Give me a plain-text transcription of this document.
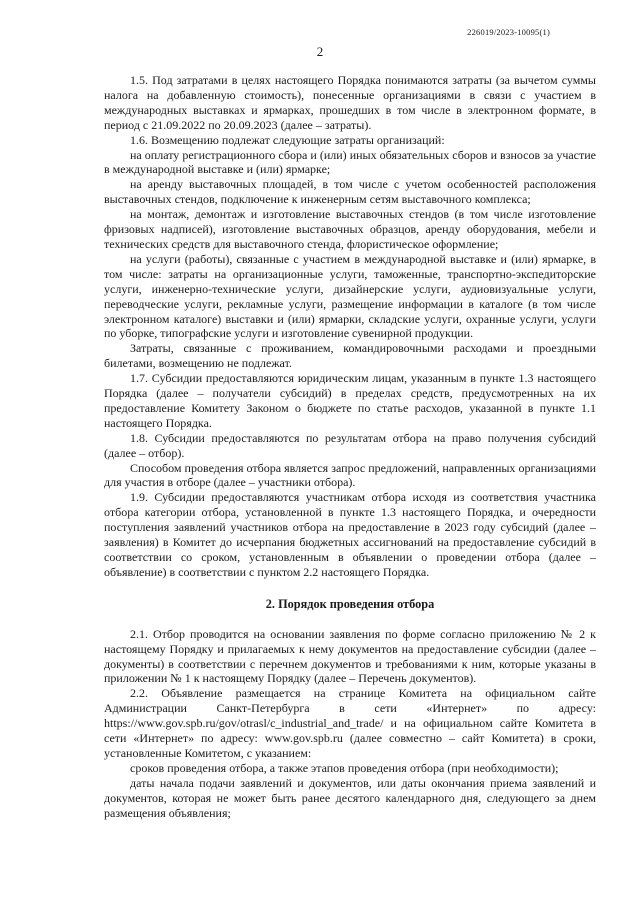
226019/2023-10095(1)
2

1.5. Под затратами в целях настоящего Порядка понимаются затраты (за вычетом суммы налога на добавленную стоимость), понесенные организациями в связи с участием в международных выставках и ярмарках, прошедших в том числе в электронном формате, в период с 21.09.2022 по 20.09.2023 (далее – затраты).

1.6. Возмещению подлежат следующие затраты организаций:

на оплату регистрационного сбора и (или) иных обязательных сборов и взносов за участие в международной выставке и (или) ярмарке;

на аренду выставочных площадей, в том числе с учетом особенностей расположения выставочных стендов, подключение к инженерным сетям выставочного комплекса;

на монтаж, демонтаж и изготовление выставочных стендов (в том числе изготовление фризовых надписей), изготовление выставочных образцов, аренду оборудования, мебели и технических средств для выставочного стенда, флористическое оформление;

на услуги (работы), связанные с участием в международной выставке и (или) ярмарке, в том числе: затраты на организационные услуги, таможенные, транспортно-экспедиторские услуги, инженерно-технические услуги, дизайнерские услуги, аудиовизуальные услуги, переводческие услуги, рекламные услуги, размещение информации в каталоге (в том числе электронном каталоге) выставки и (или) ярмарки, складские услуги, охранные услуги, услуги по уборке, типографские услуги и изготовление сувенирной продукции.

Затраты, связанные с проживанием, командировочными расходами и проездными билетами, возмещению не подлежат.

1.7. Субсидии предоставляются юридическим лицам, указанным в пункте 1.3 настоящего Порядка (далее – получатели субсидий) в пределах средств, предусмотренных на их предоставление Комитету Законом о бюджете по статье расходов, указанной в пункте 1.1 настоящего Порядка.

1.8. Субсидии предоставляются по результатам отбора на право получения субсидий (далее – отбор).

Способом проведения отбора является запрос предложений, направленных организациями для участия в отборе (далее – участники отбора).

1.9. Субсидии предоставляются участникам отбора исходя из соответствия участника отбора категории отбора, установленной в пункте 1.3 настоящего Порядка, и очередности поступления заявлений участников отбора на предоставление в 2023 году субсидий (далее – заявления) в Комитет до исчерпания бюджетных ассигнований на предоставление субсидий в соответствии со сроком, установленным в объявлении о проведении отбора (далее – объявление) в соответствии с пунктом 2.2 настоящего Порядка.

2. Порядок проведения отбора

2.1. Отбор проводится на основании заявления по форме согласно приложению № 2 к настоящему Порядку и прилагаемых к нему документов на предоставление субсидии (далее – документы) в соответствии с перечнем документов и требованиями к ним, которые указаны в приложении № 1 к настоящему Порядку (далее – Перечень документов).

2.2. Объявление размещается на странице Комитета на официальном сайте Администрации Санкт-Петербурга в сети «Интернет» по адресу: https://www.gov.spb.ru/gov/otrasl/c_industrial_and_trade/ и на официальном сайте Комитета в сети «Интернет» по адресу: www.gov.spb.ru (далее совместно – сайт Комитета) в сроки, установленные Комитетом, с указанием:

сроков проведения отбора, а также этапов проведения отбора (при необходимости);

даты начала подачи заявлений и документов, или даты окончания приема заявлений и документов, которая не может быть ранее десятого календарного дня, следующего за днем размещения объявления;
